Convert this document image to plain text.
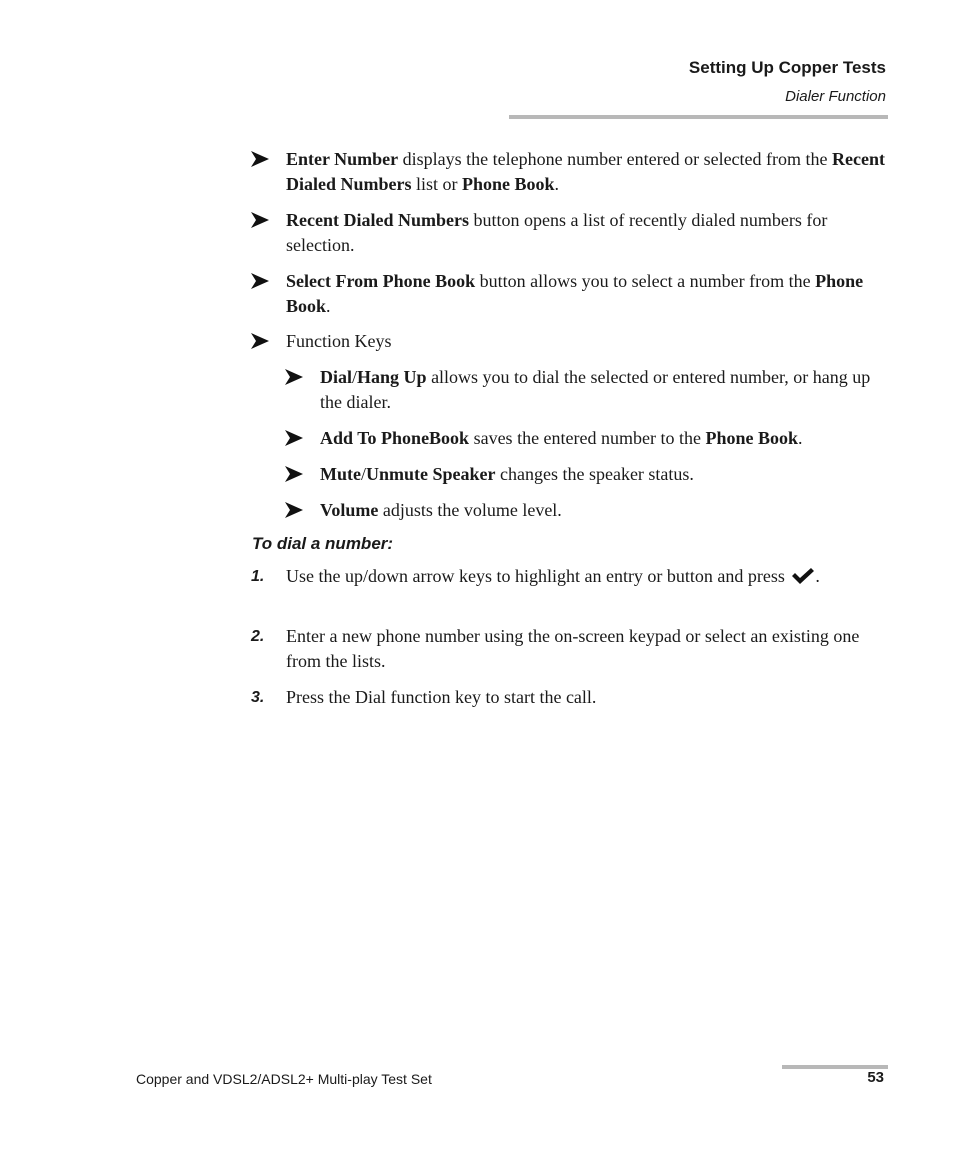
Setting Up Copper Tests
Dialer Function
Enter Number displays the telephone number entered or selected from the Recent Dialed Numbers list or Phone Book.
Recent Dialed Numbers button opens a list of recently dialed numbers for selection.
Select From Phone Book button allows you to select a number from the Phone Book.
Function Keys
Dial/Hang Up allows you to dial the selected or entered number, or hang up the dialer.
Add To PhoneBook saves the entered number to the Phone Book.
Mute/Unmute Speaker changes the speaker status.
Volume adjusts the volume level.
To dial a number:
1. Use the up/down arrow keys to highlight an entry or button and press .
2. Enter a new phone number using the on-screen keypad or select an existing one from the lists.
3. Press the Dial function key to start the call.
Copper and VDSL2/ADSL2+ Multi-play Test Set	53
